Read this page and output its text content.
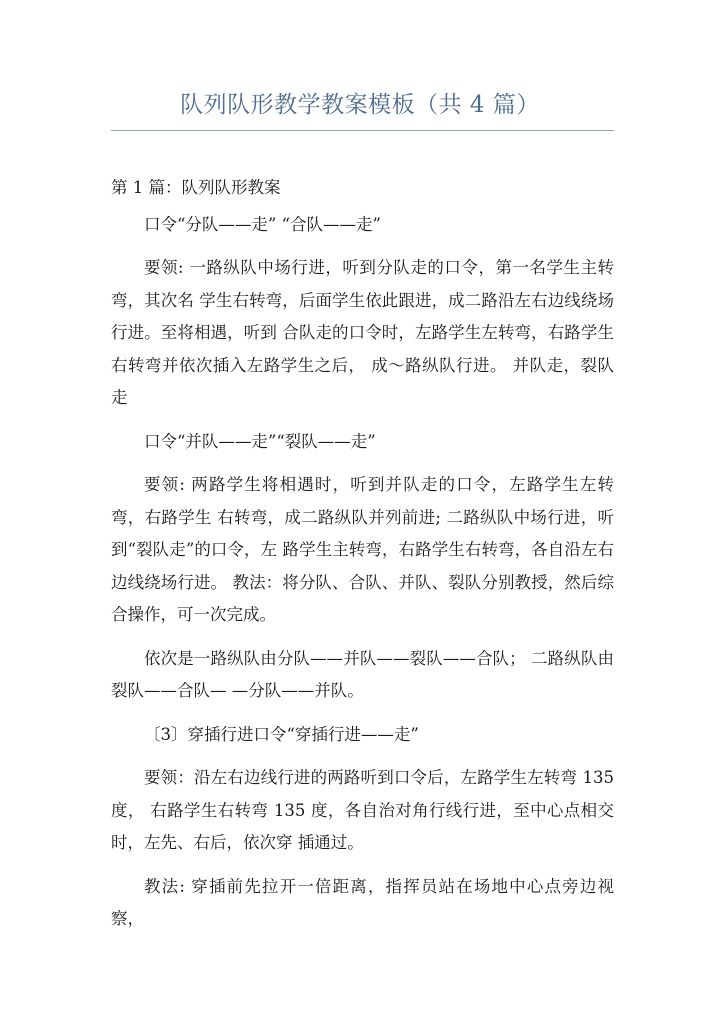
队列队形教学教案模板（共 4 篇）

第 1 篇：队列队形教案

口令“分队——走” “合队——走”

要领: 一路纵队中场行进，听到分队走的口令，第一名学生主转弯，其次名 学生右转弯，后面学生依此跟进，成二路沿左右边线绕场行进。至将相遇，听到 合队走的口令时，左路学生左转弯，右路学生右转弯并依次插入左路学生之后， 成～路纵队行进。 并队走，裂队走

口令“并队——走”“裂队——走”

要领: 两路学生将相遇时，听到并队走的口令，左路学生左转弯，右路学生 右转弯，成二路纵队并列前进; 二路纵队中场行进，听到“裂队走”的口令，左 路学生主转弯，右路学生右转弯，各自沿左右边线绕场行进。 教法：将分队、合队、并队、裂队分别教授，然后综合操作，可一次完成。

依次是一路纵队由分队——并队——裂队——合队； 二路纵队由裂队——合队— —分队——并队。

〔3〕穿插行进口令“穿插行进——走”

要领：沿左右边线行进的两路听到口令后，左路学生左转弯 135 度， 右路学生右转弯 135 度，各自治对角行线行进，至中心点相交时，左先、右后，依次穿 插通过。

教法: 穿插前先拉开一倍距离，指挥员站在场地中心点旁边视察，
